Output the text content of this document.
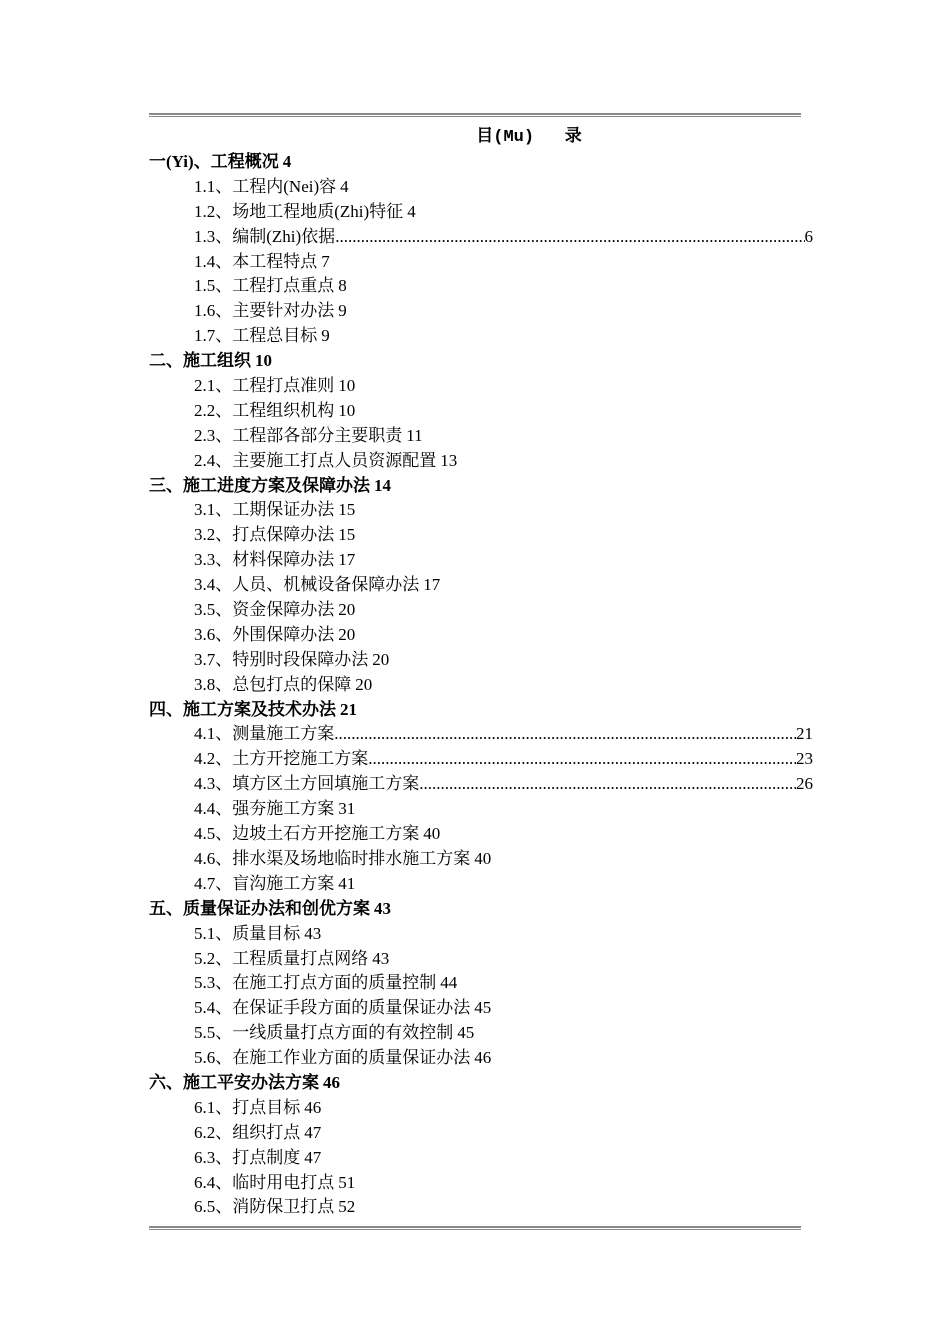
目(Mu)   录
一(Yi)、工程概况 4
1.1、工程内(Nei)容 4
1.2、场地工程地质(Zhi)特征 4
1.3、编制(Zhi)依据 .....	6
1.4、本工程特点 7
1.5、工程打点重点 8
1.6、主要针对办法 9
1.7、工程总目标 9
二、施工组织 10
2.1、工程打点准则 10
2.2、工程组织机构 10
2.3、工程部各部分主要职责 11
2.4、主要施工打点人员资源配置 13
三、施工进度方案及保障办法 14
3.1、工期保证办法 15
3.2、打点保障办法 15
3.3、材料保障办法 17
3.4、人员、机械设备保障办法 17
3.5、资金保障办法 20
3.6、外围保障办法 20
3.7、特别时段保障办法 20
3.8、总包打点的保障 20
四、施工方案及技术办法 21
4.1、测量施工方案 .....	21
4.2、土方开挖施工方案 .....	23
4.3、填方区土方回填施工方案 .....	26
4.4、强夯施工方案 31
4.5、边坡土石方开挖施工方案 40
4.6、排水渠及场地临时排水施工方案 40
4.7、盲沟施工方案 41
五、质量保证办法和创优方案 43
5.1、质量目标 43
5.2、工程质量打点网络 43
5.3、在施工打点方面的质量控制 44
5.4、在保证手段方面的质量保证办法 45
5.5、一线质量打点方面的有效控制 45
5.6、在施工作业方面的质量保证办法 46
六、施工平安办法方案 46
6.1、打点目标 46
6.2、组织打点 47
6.3、打点制度 47
6.4、临时用电打点 51
6.5、消防保卫打点 52
